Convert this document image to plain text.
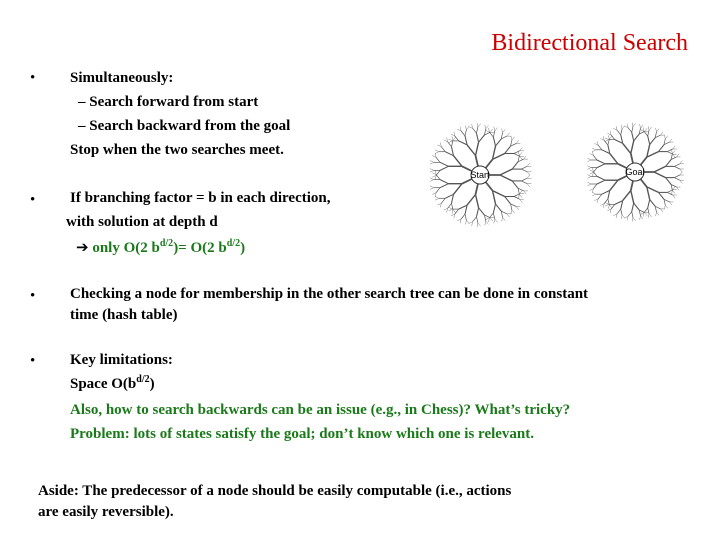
Bidirectional Search
• Simultaneously:
– Search forward from start
– Search backward from the goal
Stop when the two searches meet.
• If branching factor = b in each direction,
with solution at depth d
➔ only O(2 $b^{d/2})= O(2$ $b^{d/2}$)
• Checking a node for membership in the other search tree can be done in constant
time (hash table)
• Key limitations:
Space $O(b^{d/2})$
Also, how to search backwards can be an issue (e.g., in Chess)? What’s tricky?
Problem: lots of states satisfy the goal; don’t know which one is relevant.
Aside: The predecessor of a node should be easily computable (i.e., actions
are easily reversible).
Start	Goal
